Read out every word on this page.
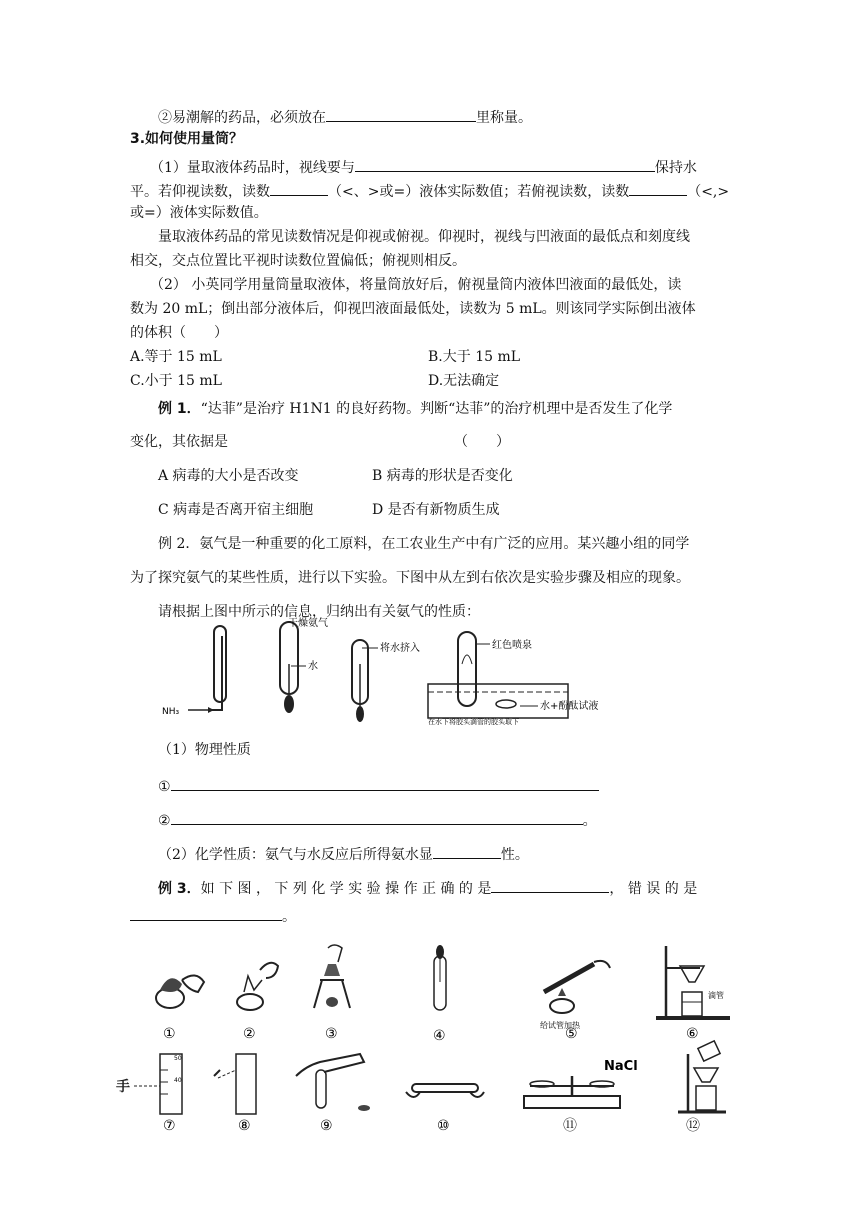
②易潮解的药品，必须放在	里称量。
3.如何使用量筒？
（1）量取液体药品时，视线要与	保持水
平。若仰视读数，读数	（<、>或=）液体实际数值；若俯视读数，读数	（<,>
或=）液体实际数值。
量取液体药品的常见读数情况是仰视或俯视。仰视时，视线与凹液面的最低点和刻度线
相交，交点位置比平视时读数位置偏低；俯视则相反。
（2） 小英同学用量筒量取液体，将量筒放好后，俯视量筒内液体凹液面的最低处，读
数为 20 mL；倒出部分液体后，仰视凹液面最低处，读数为 5 mL。则该同学实际倒出液体
的体积（　　）
A.等于 15 mL	B.大于 15 mL
C.小于 15 mL	D.无法确定
例 1．“达菲”是治疗 H1N1 的良好药物。判断“达菲”的治疗机理中是否发生了化学
变化，其依据是	（　　）
A 病毒的大小是否改变	B 病毒的形状是否变化
C 病毒是否离开宿主细胞	D 是否有新物质生成
例 2．氨气是一种重要的化工原料，在工农业生产中有广泛的应用。某兴趣小组的同学
为了探究氨气的某些性质，进行以下实验。下图中从左到右依次是实验步骤及相应的现象。
请根据上图中所示的信息，归纳出有关氨气的性质：
NH₃
干燥氨气
水
将水挤入	红色喷泉
水+酚酞试液
在水下将胶头滴管的胶头取下
（1）物理性质
①
②	。
（2）化学性质：氨气与水反应后所得氨水显	性。
例 3．如 下 图 ， 下 列 化 学 实 验 操 作 正 确 的 是	， 错 误 的 是
。
给试管加热
滴管
手
50
40
NaCl
①	②	③	④	⑤	⑥
⑦	⑧	⑨	⑩	⑪	⑫
